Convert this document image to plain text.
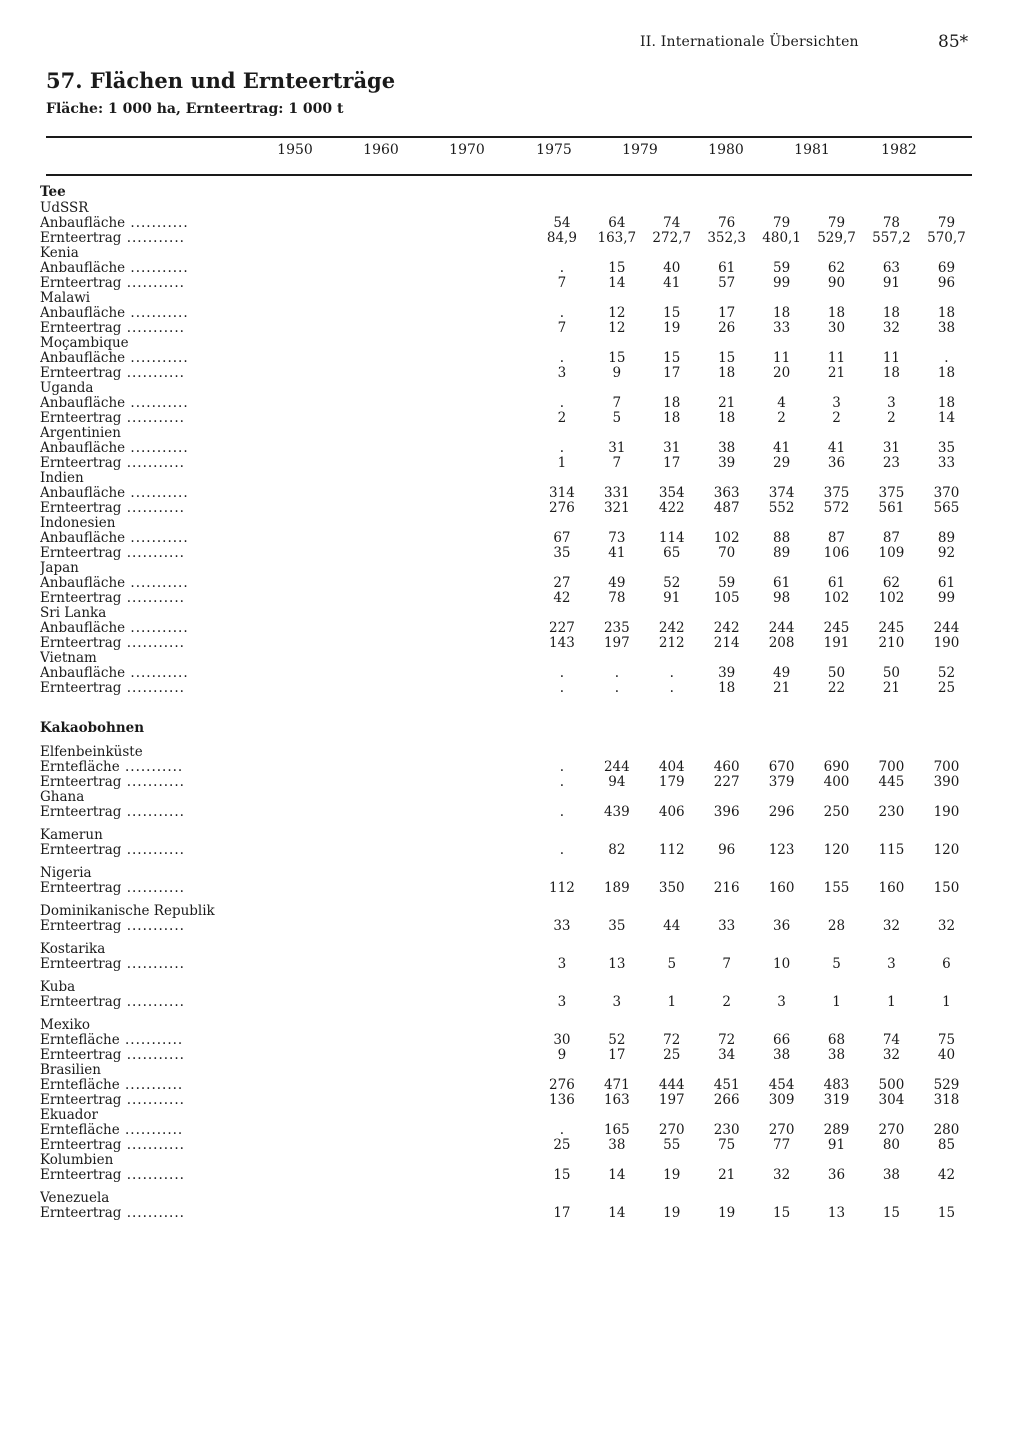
II. Internationale Übersichten	85*
57. Flächen und Ernteerträge
Fläche: 1 000 ha, Ernteertrag: 1 000 t
1950	1960	1970	1975	1979	1980	1981	1982
Tee								
UdSSR								
Anbaufläche .....	54	64	74	76	79	79	78	79
Ernteertrag .....	84,9	163,7	272,7	352,3	480,1	529,7	557,2	570,7
Kenia								
Anbaufläche .....	.	15	40	61	59	62	63	69
Ernteertrag .....	7	14	41	57	99	90	91	96
Malawi								
Anbaufläche .....	.	12	15	17	18	18	18	18
Ernteertrag .....	7	12	19	26	33	30	32	38
Moçambique								
Anbaufläche .....	.	15	15	15	11	11	11	.
Ernteertrag .....	3	9	17	18	20	21	18	18
Uganda								
Anbaufläche .....	.	7	18	21	4	3	3	18
Ernteertrag .....	2	5	18	18	2	2	2	14
Argentinien								
Anbaufläche .....	.	31	31	38	41	41	31	35
Ernteertrag .....	1	7	17	39	29	36	23	33
Indien								
Anbaufläche .....	314	331	354	363	374	375	375	370
Ernteertrag .....	276	321	422	487	552	572	561	565
Indonesien								
Anbaufläche .....	67	73	114	102	88	87	87	89
Ernteertrag .....	35	41	65	70	89	106	109	92
Japan								
Anbaufläche .....	27	49	52	59	61	61	62	61
Ernteertrag .....	42	78	91	105	98	102	102	99
Sri Lanka								
Anbaufläche .....	227	235	242	242	244	245	245	244
Ernteertrag .....	143	197	212	214	208	191	210	190
Vietnam								
Anbaufläche .....	.	.	.	39	49	50	50	52
Ernteertrag .....	.	.	.	18	21	22	21	25

Kakaobohnen								

Elfenbeinküste								
Erntefläche .....	.	244	404	460	670	690	700	700
Ernteertrag .....	.	94	179	227	379	400	445	390
Ghana								
Ernteertrag .....	.	439	406	396	296	250	230	190

Kamerun								
Ernteertrag .....	.	82	112	96	123	120	115	120

Nigeria								
Ernteertrag .....	112	189	350	216	160	155	160	150

Dominikanische Republik								
Ernteertrag .....	33	35	44	33	36	28	32	32

Kostarika								
Ernteertrag .....	3	13	5	7	10	5	3	6

Kuba								
Ernteertrag .....	3	3	1	2	3	1	1	1

Mexiko								
Erntefläche .....	30	52	72	72	66	68	74	75
Ernteertrag .....	9	17	25	34	38	38	32	40
Brasilien								
Erntefläche .....	276	471	444	451	454	483	500	529
Ernteertrag .....	136	163	197	266	309	319	304	318
Ekuador								
Erntefläche .....	.	165	270	230	270	289	270	280
Ernteertrag .....	25	38	55	75	77	91	80	85
Kolumbien								
Ernteertrag .....	15	14	19	21	32	36	38	42

Venezuela								
Ernteertrag .....	17	14	19	19	15	13	15	15
